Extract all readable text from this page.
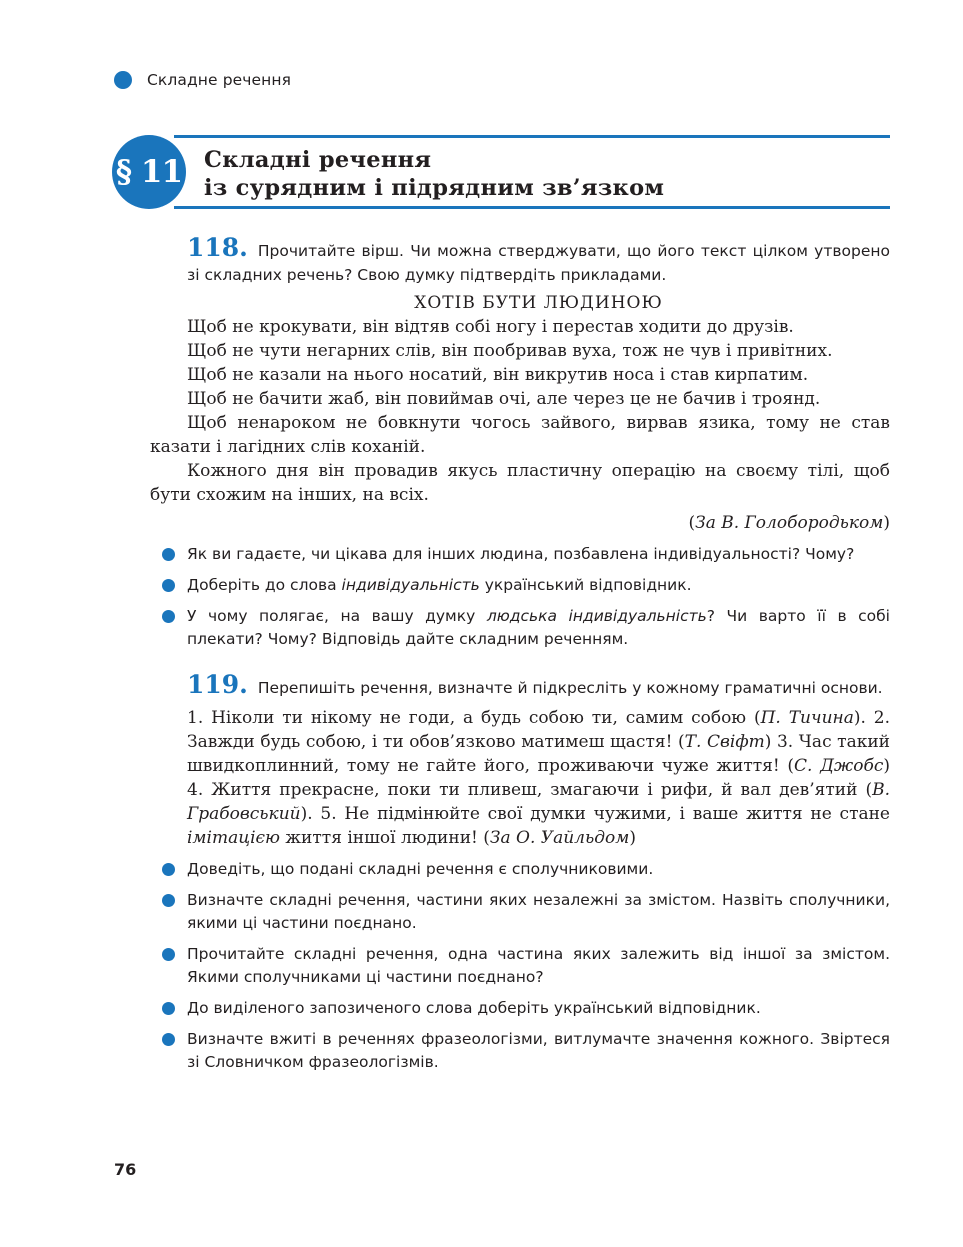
Складне речення
§ 11 Складні речення
із сурядним і підрядним зв’язком
118. Прочитайте вірш. Чи можна стверджувати, що його текст цілком утворено зі складних речень? Свою думку підтвердіть прикладами.
ХОТІВ БУТИ ЛЮДИНОЮ
Щоб не крокувати, він відтяв собі ногу і перестав ходити до друзів.
Щоб не чути негарних слів, він пообривав вуха, тож не чув і привітних.
Щоб не казали на нього носатий, він викрутив носа і став кирпатим.
Щоб не бачити жаб, він повиймав очі, але через це не бачив і троянд.
Щоб ненароком не бовкнути чогось зайвого, вирвав язика, тому не став казати і лагідних слів коханій.
Кожного дня він провадив якусь пластичну операцію на своєму тілі, щоб бути схожим на інших, на всіх.
(За В. Голобородьком)
Як ви гадаєте, чи цікава для інших людина, позбавлена індивідуальності? Чому?
Доберіть до слова індивідуальність український відповідник.
У чому полягає, на вашу думку людська індивідуальність? Чи варто її в собі плекати? Чому? Відповідь дайте складним реченням.
119. Перепишіть речення, визначте й підкресліть у кожному граматичні основи.
1. Ніколи ти нікому не годи, а будь собою ти, самим собою (П. Тичина). 2. Завжди будь собою, і ти обов’язково матимеш щастя! (Т. Свіфт) 3. Час такий швидкоплинний, тому не гайте його, проживаючи чуже життя! (С. Джобс) 4. Життя прекрасне, поки ти пливеш, змагаючи і рифи, й вал дев’ятий (В. Грабовський). 5. Не підмінюйте свої думки чужими, і ваше життя не стане імітацією життя іншої людини! (За О. Уайльдом)
Доведіть, що подані складні речення є сполучниковими.
Визначте складні речення, частини яких незалежні за змістом. Назвіть сполучники, якими ці частини поєднано.
Прочитайте складні речення, одна частина яких залежить від іншої за змістом. Якими сполучниками ці частини поєднано?
До виділеного запозиченого слова доберіть український відповідник.
Визначте вжиті в реченнях фразеологізми, витлумачте значення кожного. Звіртеся зі Словничком фразеологізмів.
76
